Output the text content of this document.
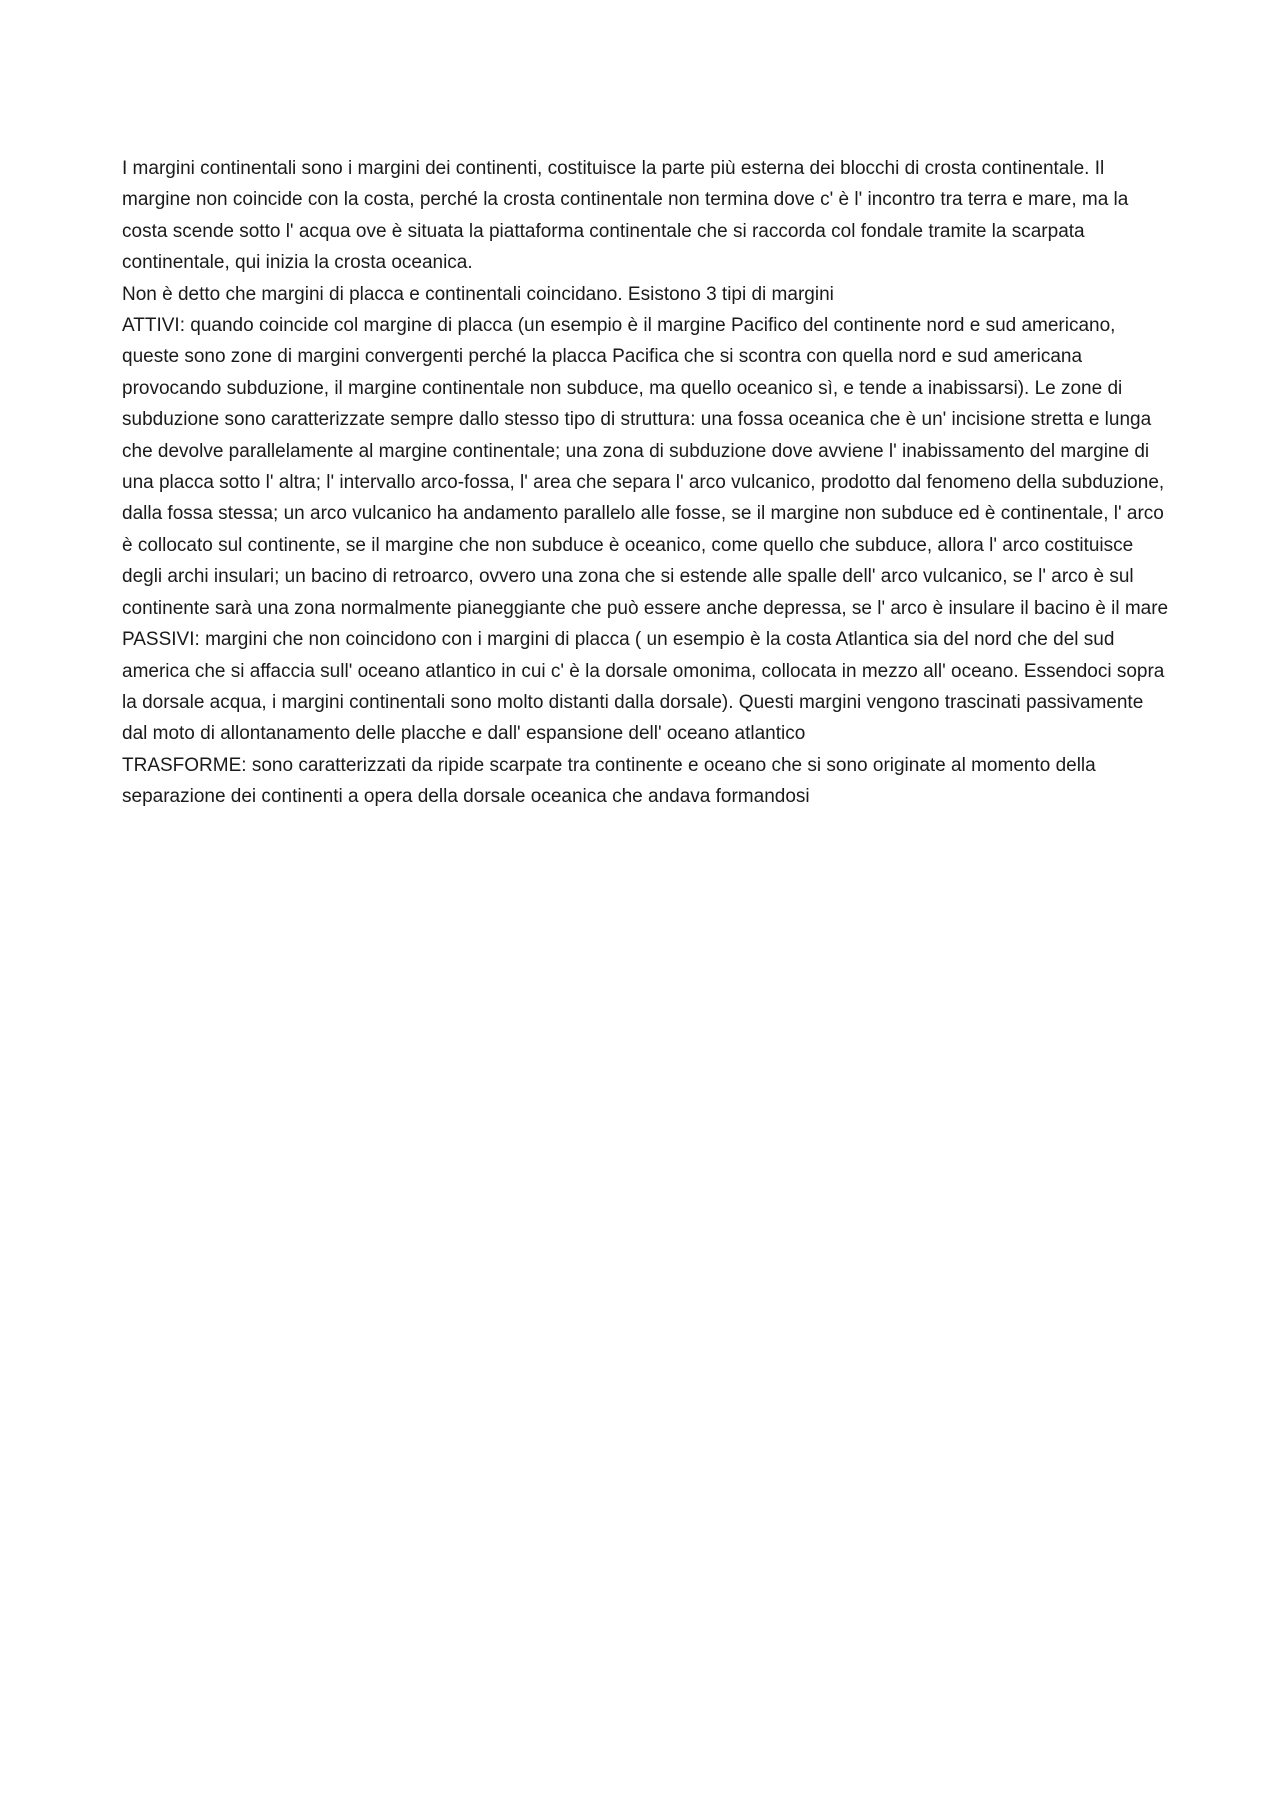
I margini continentali sono i margini dei continenti, costituisce la parte più esterna dei blocchi di crosta continentale. Il margine non coincide con la costa, perché la crosta continentale non termina dove c' è l' incontro tra terra e mare, ma la costa scende sotto l' acqua ove è situata la piattaforma continentale che si raccorda col fondale tramite la scarpata continentale, qui inizia la crosta oceanica.

Non è detto che margini di placca e continentali coincidano. Esistono 3 tipi di margini

ATTIVI: quando coincide col margine di placca (un esempio è il margine Pacifico del continente nord e sud americano, queste sono zone di margini convergenti perché la placca Pacifica che si scontra con quella nord e sud americana provocando subduzione, il margine continentale non subduce, ma quello oceanico sì, e tende a inabissarsi). Le zone di subduzione sono caratterizzate sempre dallo stesso tipo di struttura: una fossa oceanica che è un' incisione stretta e lunga che devolve parallelamente al margine continentale; una zona di subduzione dove avviene l' inabissamento del margine di una placca sotto l' altra; l' intervallo arco-fossa, l' area che separa l' arco vulcanico, prodotto dal fenomeno della subduzione, dalla fossa stessa; un arco vulcanico ha andamento parallelo alle fosse, se il margine non subduce ed è continentale, l' arco è collocato sul continente, se il margine che non subduce è oceanico, come quello che subduce, allora l' arco costituisce degli archi insulari; un bacino di retroarco, ovvero una zona che si estende alle spalle dell' arco vulcanico, se l' arco è sul continente sarà una zona normalmente pianeggiante che può essere anche depressa, se l' arco è insulare il bacino è il mare

PASSIVI: margini che non coincidono con i margini di placca ( un esempio è la costa Atlantica sia del nord che del sud america che si affaccia sull' oceano atlantico in cui c' è la dorsale omonima, collocata in mezzo all' oceano. Essendoci sopra la dorsale acqua, i margini continentali sono molto distanti dalla dorsale). Questi margini vengono trascinati passivamente dal moto di allontanamento delle placche e dall' espansione dell' oceano atlantico

TRASFORME: sono caratterizzati da ripide scarpate tra continente e oceano che si sono originate al momento della separazione dei continenti a opera della dorsale oceanica che andava formandosi
